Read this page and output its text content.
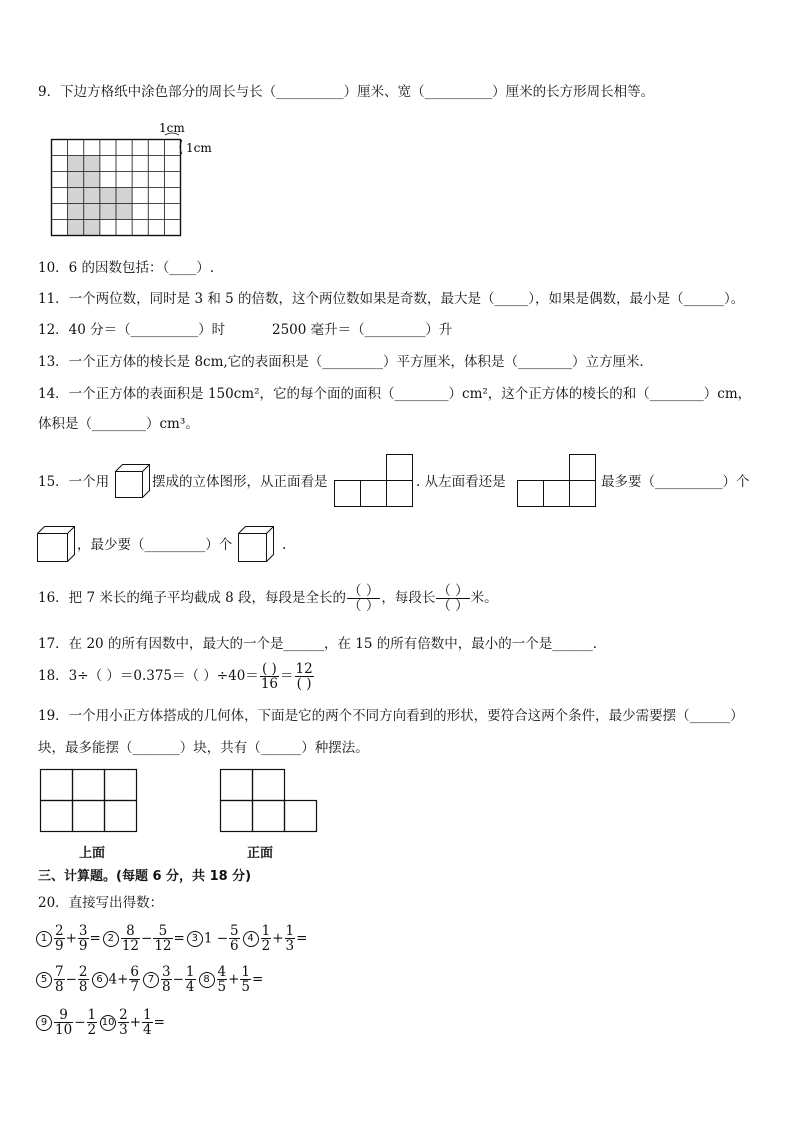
9．下边方格纸中涂色部分的周长与长（__________）厘米、宽（__________）厘米的长方形周长相等。
1cm
1cm
10．6 的因数包括：（____）.
11．一个两位数，同时是 3 和 5 的倍数，这个两位数如果是奇数，最大是（_____），如果是偶数，最小是（______）。
12．40 分＝（__________）时	2500 毫升＝（_________）升
13．一个正方体的棱长是 8cm,它的表面积是（_________）平方厘米，体积是（________）立方厘米．
14．一个正方体的表面积是 150cm²，它的每个面的面积（________）cm²，这个正方体的棱长的和（________）cm，
体积是（________）cm³。
15．一个用	摆成的立体图形，从正面看是	. 从左面看还是	最多要（__________）个
，最少要（_________）个	.
16．把 7 米长的绳子平均截成 8 段，每段是全长的 $\frac{( )}{( )}$ ，每段长 $\frac{( )}{( )}$ 米。
17．在 20 的所有因数中，最大的一个是______，在 15 的所有倍数中，最小的一个是______．
18．3÷（ ）＝0.375＝（ ）$\div 40= \frac{( )}{16} = \frac{12}{( )}$
19．一个用小正方体搭成的几何体，下面是它的两个不同方向看到的形状，要符合这两个条件，最少需要摆（______）
块，最多能摆（_______）块，共有（______）种摆法。
上面	正面
三、计算题。(每题 6 分，共 18 分)
20．直接写出得数：
$1 \frac{2}{9} + \frac{3}{9} = 2 \frac{8}{12} - \frac{5}{12} = 3$ $1 - \frac{5}{6} 4 \frac{1}{2} + \frac{1}{3}$ =
$5 \frac{7}{8} - \frac{2}{8} 6$ $4+ \frac{6}{7} 7 \frac{3}{8} - \frac{1}{4} 8 \frac{4}{5} + \frac{1}{5}$ =
$9 \frac{9}{10} - \frac{1}{2} 10 \frac{2}{3} + \frac{1}{4}$ =
